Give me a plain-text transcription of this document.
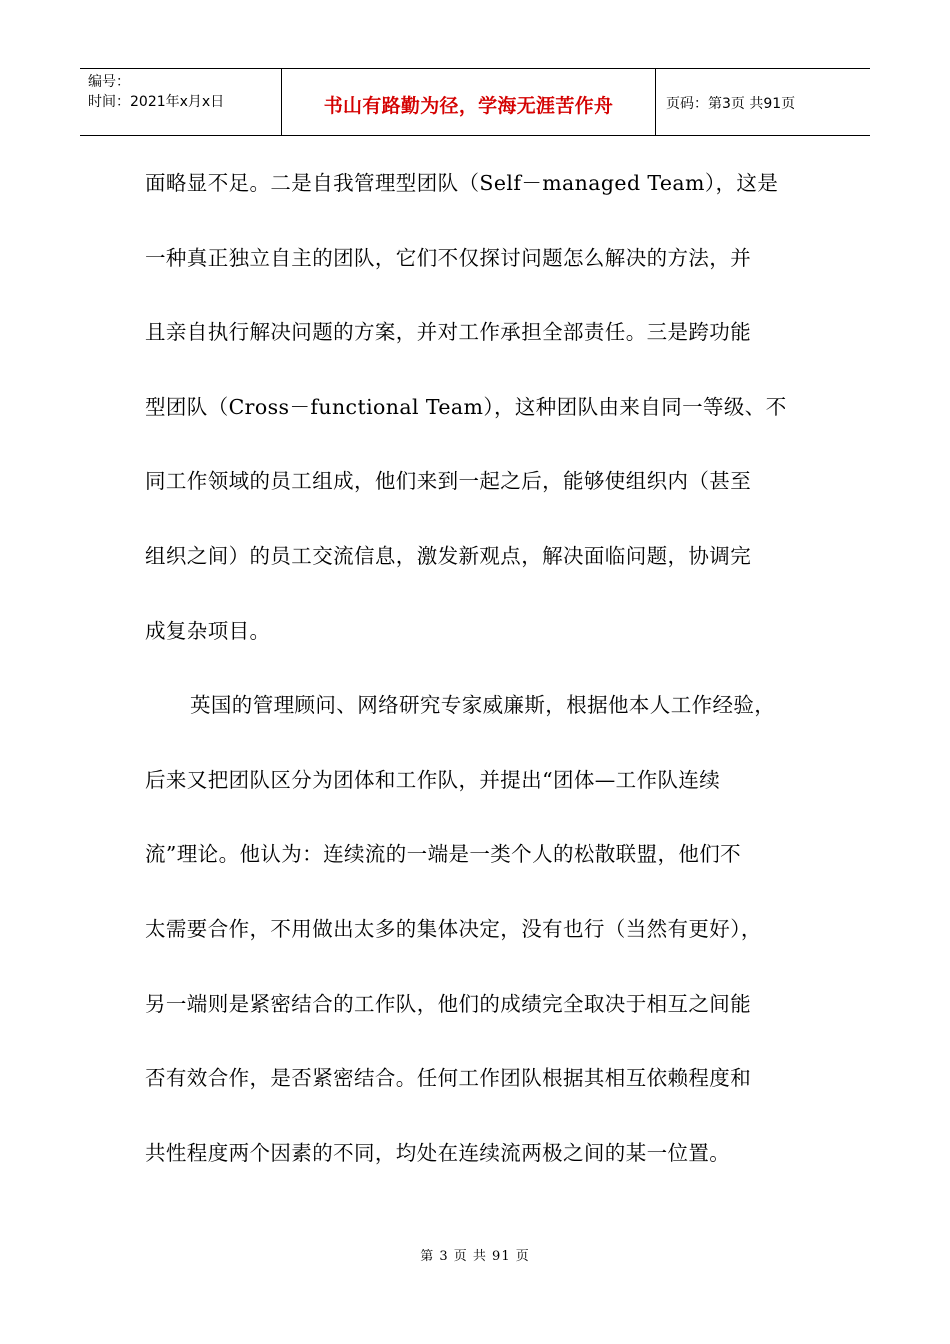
编号：
时间：2021年x月x日	书山有路勤为径，学海无涯苦作舟	页码：第3页 共91页
面略显不足。二是自我管理型团队（Self－managed Team），这是
一种真正独立自主的团队，它们不仅探讨问题怎么解决的方法，并
且亲自执行解决问题的方案，并对工作承担全部责任。三是跨功能
型团队（Cross－functional Team），这种团队由来自同一等级、不
同工作领域的员工组成，他们来到一起之后，能够使组织内（甚至
组织之间）的员工交流信息，激发新观点，解决面临问题，协调完
成复杂项目。
英国的管理顾问、网络研究专家威廉斯，根据他本人工作经验，
后来又把团队区分为团体和工作队，并提出“团体—工作队连续
流”理论。他认为：连续流的一端是一类个人的松散联盟，他们不
太需要合作，不用做出太多的集体决定，没有也行（当然有更好），
另一端则是紧密结合的工作队，他们的成绩完全取决于相互之间能
否有效合作，是否紧密结合。任何工作团队根据其相互依赖程度和
共性程度两个因素的不同，均处在连续流两极之间的某一位置。
第 3 页 共 91 页
